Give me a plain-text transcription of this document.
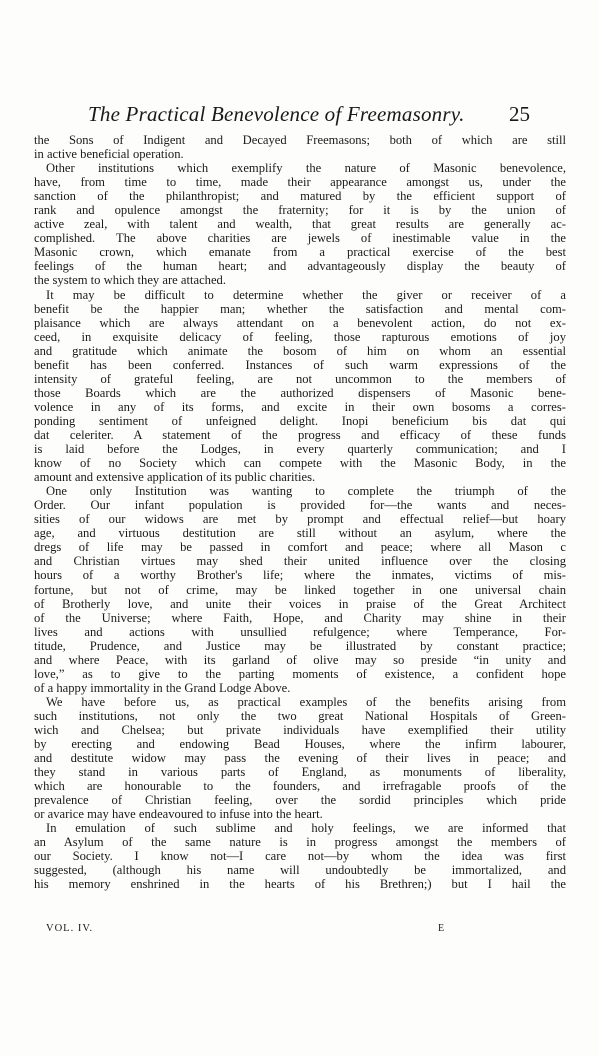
The Practical Benevolence of Freemasonry. 25
the Sons of Indigent and Decayed Freemasons; both of which are still
in active beneficial operation.
Other institutions which exemplify the nature of Masonic benevolence,
have, from time to time, made their appearance amongst us, under the
sanction of the philanthropist; and matured by the efficient support of
rank and opulence amongst the fraternity; for it is by the union of
active zeal, with talent and wealth, that great results are generally ac-
complished. The above charities are jewels of inestimable value in the
Masonic crown, which emanate from a practical exercise of the best
feelings of the human heart; and advantageously display the beauty of
the system to which they are attached.
It may be difficult to determine whether the giver or receiver of a
benefit be the happier man; whether the satisfaction and mental com-
plaisance which are always attendant on a benevolent action, do not ex-
ceed, in exquisite delicacy of feeling, those rapturous emotions of joy
and gratitude which animate the bosom of him on whom an essential
benefit has been conferred. Instances of such warm expressions of the
intensity of grateful feeling, are not uncommon to the members of
those Boards which are the authorized dispensers of Masonic bene-
volence in any of its forms, and excite in their own bosoms a corres-
ponding sentiment of unfeigned delight. Inopi beneficium bis dat qui
dat celeriter. A statement of the progress and efficacy of these funds
is laid before the Lodges, in every quarterly communication; and I
know of no Society which can compete with the Masonic Body, in the
amount and extensive application of its public charities.
One only Institution was wanting to complete the triumph of the
Order. Our infant population is provided for—the wants and neces-
sities of our widows are met by prompt and effectual relief—but hoary
age, and virtuous destitution are still without an asylum, where the
dregs of life may be passed in comfort and peace; where all Mason c
and Christian virtues may shed their united influence over the closing
hours of a worthy Brother's life; where the inmates, victims of mis-
fortune, but not of crime, may be linked together in one universal chain
of Brotherly love, and unite their voices in praise of the Great Architect
of the Universe; where Faith, Hope, and Charity may shine in their
lives and actions with unsullied refulgence; where Temperance, For-
titude, Prudence, and Justice may be illustrated by constant practice;
and where Peace, with its garland of olive may so preside “in unity and
love,” as to give to the parting moments of existence, a confident hope
of a happy immortality in the Grand Lodge Above.
We have before us, as practical examples of the benefits arising from
such institutions, not only the two great National Hospitals of Green-
wich and Chelsea; but private individuals have exemplified their utility
by erecting and endowing Bead Houses, where the infirm labourer,
and destitute widow may pass the evening of their lives in peace; and
they stand in various parts of England, as monuments of liberality,
which are honourable to the founders, and irrefragable proofs of the
prevalence of Christian feeling, over the sordid principles which pride
or avarice may have endeavoured to infuse into the heart.
In emulation of such sublime and holy feelings, we are informed that
an Asylum of the same nature is in progress amongst the members of
our Society. I know not—I care not—by whom the idea was first
suggested, (although his name will undoubtedly be immortalized, and
his memory enshrined in the hearts of his Brethren;) but I hail the
VOL. IV.	E
